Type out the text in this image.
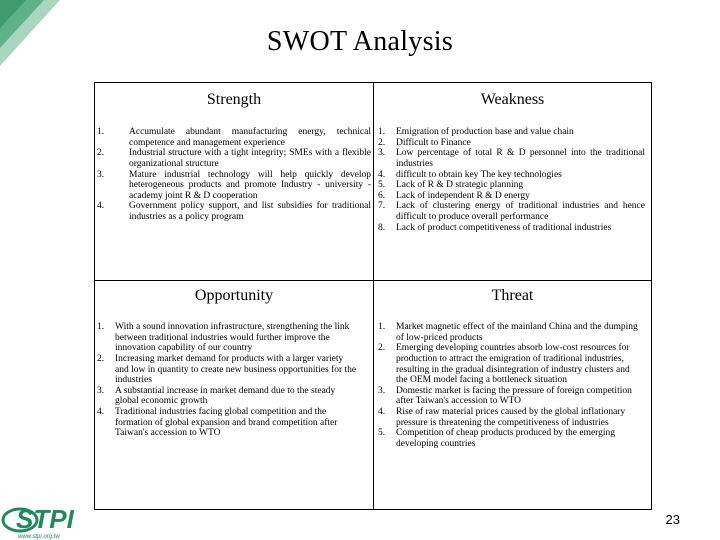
SWOT Analysis
Strength
1.	Accumulate abundant manufacturing energy, technical competence and management experience
2.	Industrial structure with a tight integrity; SMEs with a flexible organizational structure
3.	Mature industrial technology will help quickly develop heterogeneous products and promote Industry - university - academy joint R & D cooperation
4.	Government policy support, and list subsidies for traditional industries as a policy program
Weakness
1. Emigration of production base and value chain
2. Difficult to Finance
3. Low percentage of total R & D personnel into the traditional industries
4. difficult to obtain key The key technologies
5. Lack of R & D strategic planning
6. Lack of independent R & D energy
7. Lack of clustering energy of traditional industries and hence difficult to produce overall performance
8. Lack of product competitiveness of traditional industries
Opportunity
1. With a sound innovation infrastructure, strengthening the link between traditional industries would further improve the innovation capability of our country
2. Increasing market demand for products with a larger variety and low in quantity to create new business opportunities for the industries
3. A substantial increase in market demand due to the steady global economic growth
4. Traditional industries facing global competition and the formation of global expansion and brand competition after Taiwan's accession to WTO
Threat
1. Market magnetic effect of the mainland China and the dumping of low-priced products
2. Emerging developing countries absorb low-cost resources for production to attract the emigration of traditional industries, resulting in the gradual disintegration of industry clusters and the OEM model facing a bottleneck situation
3. Domestic market is facing the pressure of foreign competition after Taiwan's accession to WTO
4. Rise of raw material prices caused by the global inflationary pressure is threatening the competitiveness of industries
5. Competition of cheap products produced by the emerging developing countries
STPI
www.stpi.org.tw
23
